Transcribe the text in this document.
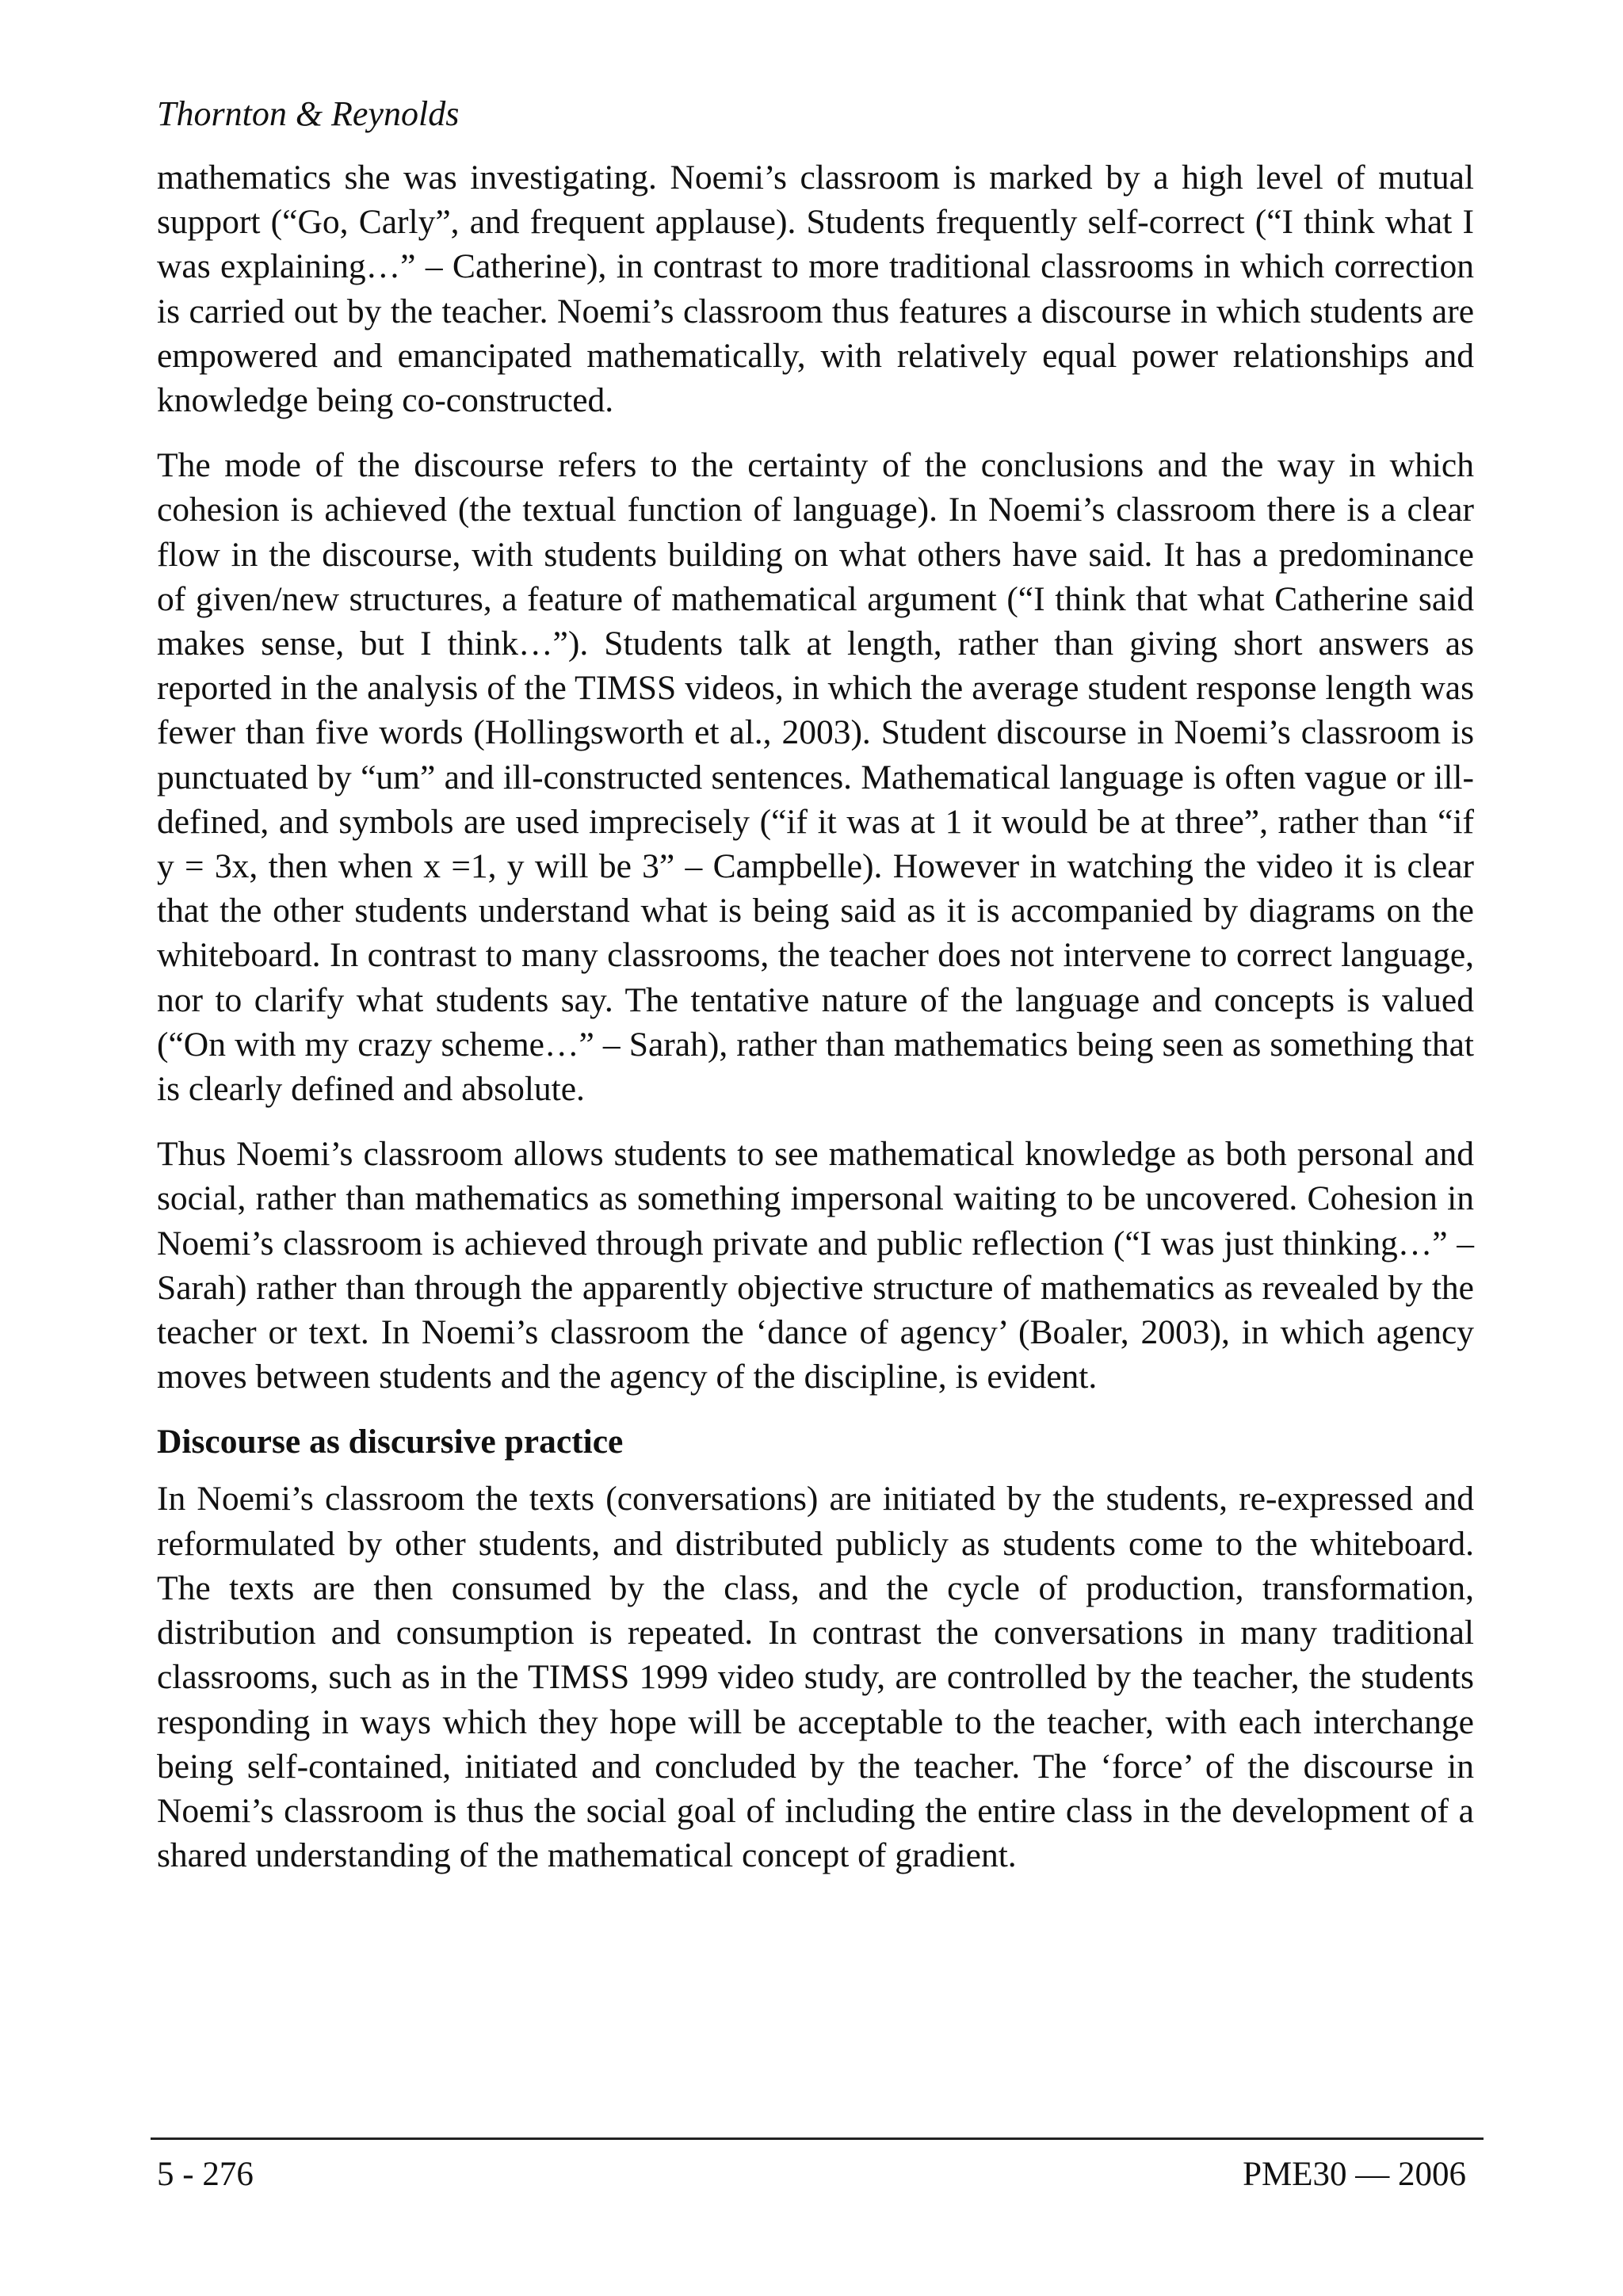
Thornton & Reynolds

mathematics she was investigating. Noemi’s classroom is marked by a high level of mutual support (“Go, Carly”, and frequent applause). Students frequently self-correct (“I think what I was explaining…” – Catherine), in contrast to more traditional classrooms in which correction is carried out by the teacher. Noemi’s classroom thus features a discourse in which students are empowered and emancipated mathematically, with relatively equal power relationships and knowledge being co-constructed.

The mode of the discourse refers to the certainty of the conclusions and the way in which cohesion is achieved (the textual function of language). In Noemi’s classroom there is a clear flow in the discourse, with students building on what others have said. It has a predominance of given/new structures, a feature of mathematical argument (“I think that what Catherine said makes sense, but I think…”). Students talk at length, rather than giving short answers as reported in the analysis of the TIMSS videos, in which the average student response length was fewer than five words (Hollingsworth et al., 2003). Student discourse in Noemi’s classroom is punctuated by “um” and ill-constructed sentences. Mathematical language is often vague or ill-defined, and symbols are used imprecisely (“if it was at 1 it would be at three”, rather than “if y = 3x, then when x =1, y will be 3” – Campbelle). However in watching the video it is clear that the other students understand what is being said as it is accompanied by diagrams on the whiteboard. In contrast to many classrooms, the teacher does not intervene to correct language, nor to clarify what students say. The tentative nature of the language and concepts is valued (“On with my crazy scheme…” – Sarah), rather than mathematics being seen as something that is clearly defined and absolute.

Thus Noemi’s classroom allows students to see mathematical knowledge as both personal and social, rather than mathematics as something impersonal waiting to be uncovered. Cohesion in Noemi’s classroom is achieved through private and public reflection (“I was just thinking…” – Sarah) rather than through the apparently objective structure of mathematics as revealed by the teacher or text. In Noemi’s classroom the ‘dance of agency’ (Boaler, 2003), in which agency moves between students and the agency of the discipline, is evident.

Discourse as discursive practice

In Noemi’s classroom the texts (conversations) are initiated by the students, re-expressed and reformulated by other students, and distributed publicly as students come to the whiteboard. The texts are then consumed by the class, and the cycle of production, transformation, distribution and consumption is repeated. In contrast the conversations in many traditional classrooms, such as in the TIMSS 1999 video study, are controlled by the teacher, the students responding in ways which they hope will be acceptable to the teacher, with each interchange being self-contained, initiated and concluded by the teacher. The ‘force’ of the discourse in Noemi’s classroom is thus the social goal of including the entire class in the development of a shared understanding of the mathematical concept of gradient.

5 - 276	PME30 — 2006
